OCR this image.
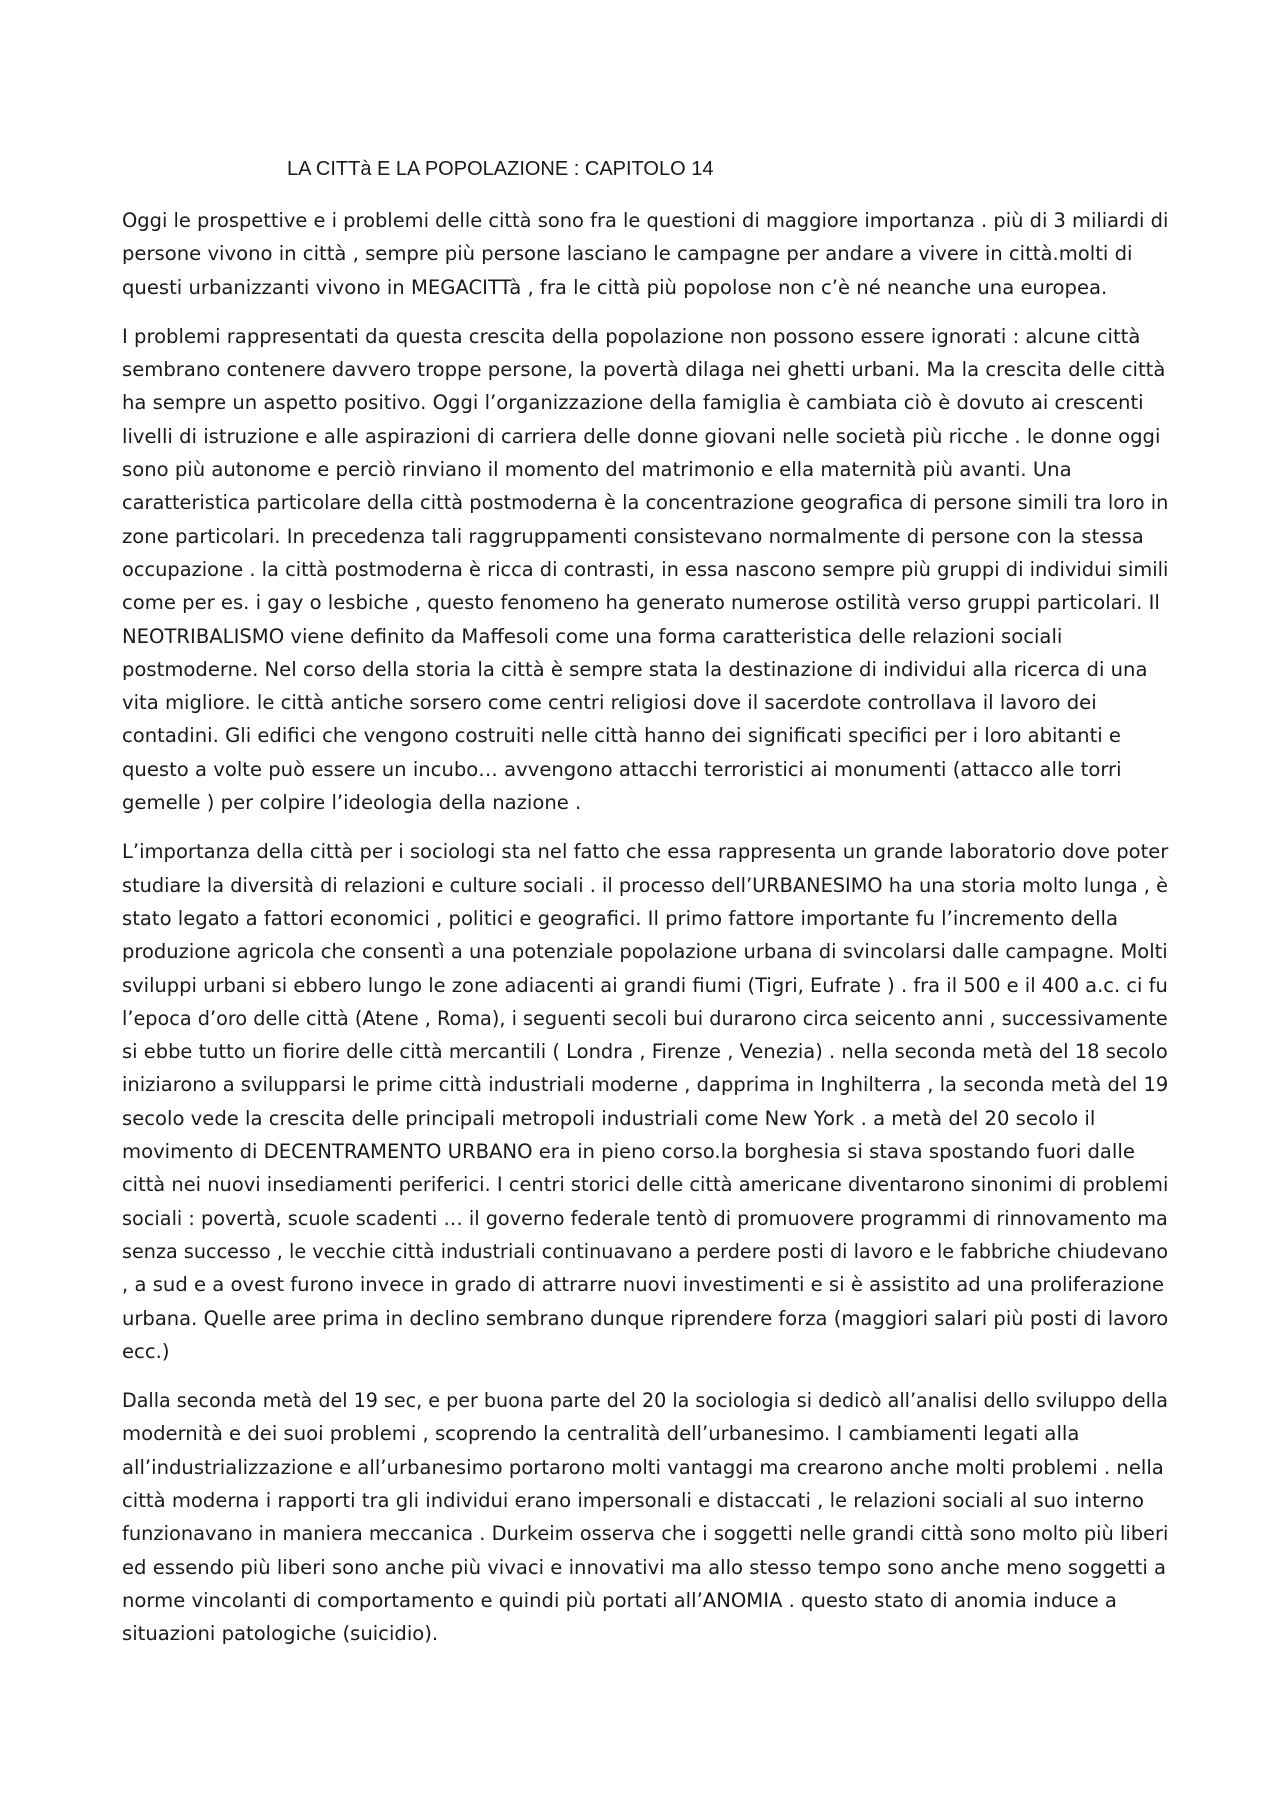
LA CITTà E LA POPOLAZIONE : CAPITOLO 14

Oggi le prospettive e i problemi delle città sono fra le questioni di maggiore importanza . più di 3 miliardi di
persone vivono in città , sempre più persone lasciano le campagne per andare a vivere in città.molti di
questi urbanizzanti vivono in MEGACITTà , fra le città più popolose non c’è né neanche una europea.

I problemi rappresentati da questa crescita della popolazione non possono essere ignorati : alcune città
sembrano contenere davvero troppe persone, la povertà dilaga nei ghetti urbani. Ma la crescita delle città
ha sempre un aspetto positivo. Oggi l’organizzazione della famiglia è cambiata ciò è dovuto ai crescenti
livelli di istruzione e alle aspirazioni di carriera delle donne giovani nelle società più ricche . le donne oggi
sono più autonome e perciò rinviano il momento del matrimonio e ella maternità più avanti. Una
caratteristica particolare della città postmoderna è la concentrazione geografica di persone simili tra loro in
zone particolari. In precedenza tali raggruppamenti consistevano normalmente di persone con la stessa
occupazione . la città postmoderna è ricca di contrasti, in essa nascono sempre più gruppi di individui simili
come per es. i gay o lesbiche , questo fenomeno ha generato numerose ostilità verso gruppi particolari. Il
NEOTRIBALISMO viene definito da Maffesoli come una forma caratteristica delle relazioni sociali
postmoderne. Nel corso della storia la città è sempre stata la destinazione di individui alla ricerca di una
vita migliore. le città antiche sorsero come centri religiosi dove il sacerdote controllava il lavoro dei
contadini. Gli edifici che vengono costruiti nelle città hanno dei significati specifici per i loro abitanti e
questo a volte può essere un incubo… avvengono attacchi terroristici ai monumenti (attacco alle torri
gemelle ) per colpire l’ideologia della nazione .

L’importanza della città per i sociologi sta nel fatto che essa rappresenta un grande laboratorio dove poter
studiare la diversità di relazioni e culture sociali . il processo dell’URBANESIMO ha una storia molto lunga , è
stato legato a fattori economici , politici e geografici. Il primo fattore importante fu l’incremento della
produzione agricola che consentì a una potenziale popolazione urbana di svincolarsi dalle campagne. Molti
sviluppi urbani si ebbero lungo le zone adiacenti ai grandi fiumi (Tigri, Eufrate ) . fra il 500 e il 400 a.c. ci fu
l’epoca d’oro delle città (Atene , Roma), i seguenti secoli bui durarono circa seicento anni , successivamente
si ebbe tutto un fiorire delle città mercantili ( Londra , Firenze , Venezia) . nella seconda metà del 18 secolo
iniziarono a svilupparsi le prime città industriali moderne , dapprima in Inghilterra , la seconda metà del 19
secolo vede la crescita delle principali metropoli industriali come New York . a metà del 20 secolo il
movimento di DECENTRAMENTO URBANO era in pieno corso.la borghesia si stava spostando fuori dalle
città nei nuovi insediamenti periferici. I centri storici delle città americane diventarono sinonimi di problemi
sociali : povertà, scuole scadenti … il governo federale tentò di promuovere programmi di rinnovamento ma
senza successo , le vecchie città industriali continuavano a perdere posti di lavoro e le fabbriche chiudevano
, a sud e a ovest furono invece in grado di attrarre nuovi investimenti e si è assistito ad una proliferazione
urbana. Quelle aree prima in declino sembrano dunque riprendere forza (maggiori salari più posti di lavoro
ecc.)

Dalla seconda metà del 19 sec, e per buona parte del 20 la sociologia si dedicò all’analisi dello sviluppo della
modernità e dei suoi problemi , scoprendo la centralità dell’urbanesimo. I cambiamenti legati alla
all’industrializzazione e all’urbanesimo portarono molti vantaggi ma crearono anche molti problemi . nella
città moderna i rapporti tra gli individui erano impersonali e distaccati , le relazioni sociali al suo interno
funzionavano in maniera meccanica . Durkeim osserva che i soggetti nelle grandi città sono molto più liberi
ed essendo più liberi sono anche più vivaci e innovativi ma allo stesso tempo sono anche meno soggetti a
norme vincolanti di comportamento e quindi più portati all’ANOMIA . questo stato di anomia induce a
situazioni patologiche (suicidio).
